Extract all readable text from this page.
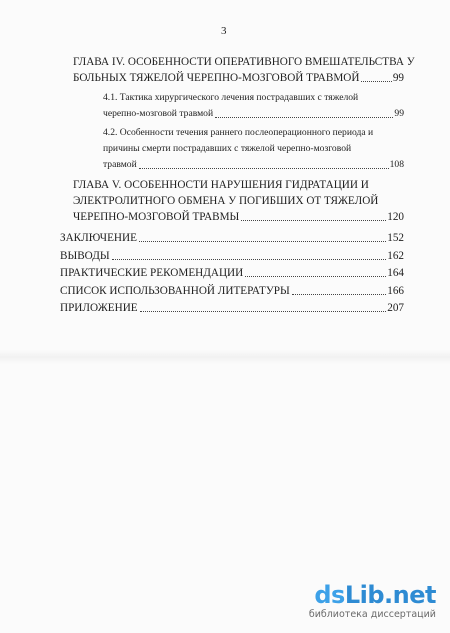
3
ГЛАВА IV. ОСОБЕННОСТИ ОПЕРАТИВНОГО ВМЕШАТЕЛЬСТВА У
БОЛЬНЫХ ТЯЖЕЛОЙ ЧЕРЕПНО-МОЗГОВОЙ ТРАВМОЙ	99
4.1. Тактика хирургического лечения пострадавших с тяжелой
черепно-мозговой травмой	99
4.2. Особенности течения раннего послеоперационного периода и
причины смерти пострадавших с тяжелой черепно-мозговой
травмой	108
ГЛАВА V. ОСОБЕННОСТИ НАРУШЕНИЯ ГИДРАТАЦИИ И
ЭЛЕКТРОЛИТНОГО ОБМЕНА У ПОГИБШИХ ОТ ТЯЖЕЛОЙ
ЧЕРЕПНО-МОЗГОВОЙ ТРАВМЫ	120
ЗАКЛЮЧЕНИЕ	152
ВЫВОДЫ	162
ПРАКТИЧЕСКИЕ РЕКОМЕНДАЦИИ	164
СПИСОК ИСПОЛЬЗОВАННОЙ ЛИТЕРАТУРЫ	166
ПРИЛОЖЕНИЕ	207
dsLib.net
библиотека диссертаций
